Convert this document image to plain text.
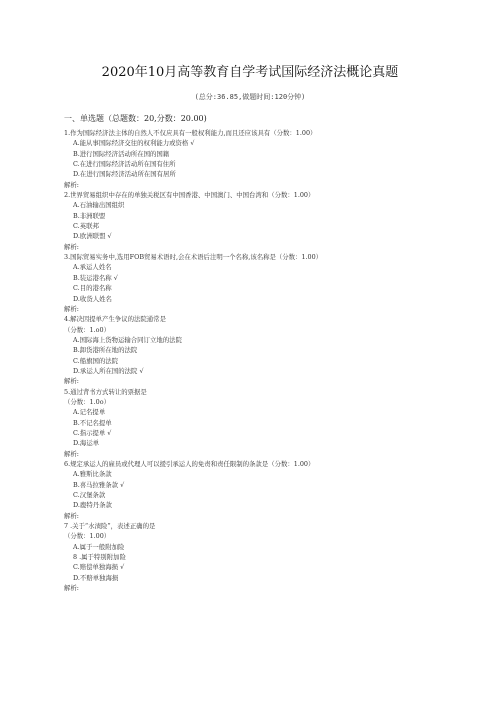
2020年10月高等教育自学考试国际经济法概论真题
(总分:36.85,做题时间:120分钟)
一、单选题（总题数：20,分数：20.00)
1.作为国际经济法主体的自然人不仅应具有一般权利能力,而且还应该具有（分数：1.00）
A.能从事国际经济交往的权利能力或资格 √
B.进行国际经济活动所在国的国籍
C.在进行国际经济活动所在国有住所
D.在进行国际经济活动所在国有居所
解析:
2.世界贸易组织中存在的单独关税区有中国香港、中国澳门、中国台湾和（分数：1.00）
A.石油输出国组织
B.非洲联盟
C.英联邦
D.欧洲联盟 √
解析:
3.国际贸易实务中,选用FOB贸易术语时,会在术语后注明一个名称,该名称是（分数：1.00）
A.承运人姓名
B.装运港名称 √
C.目的港名称
D.收货人姓名
解析:
4.解决因提单产生争议的法院通常是
（分数：1.o0）
A.国际海上货物运输合同订立地的法院
B.卸货港所在地的法院
C.船旗国的法院
D.承运人所在国的法院 √
解析:
5.通过背书方式转让的票据是
（分数：1.0o）
A.记名提单
B.不记名提单
C.指示提单 √
D.海运单
解析:
6.规定承运人的雇员或代理人可以援引承运人的免责和责任限制的条款是（分数：1.00）
A.雅斯比条款
B.喜马拉雅条款 √
C.汉堡条款
D.鹿特丹条款
解析:
7 .关于“水渍险”，表述正确的是
（分数：1.00）
A.属于一般附加险
8 .属于特别附加险
C.赔偿单独海损 √
D.不赔单独海损
解析:
